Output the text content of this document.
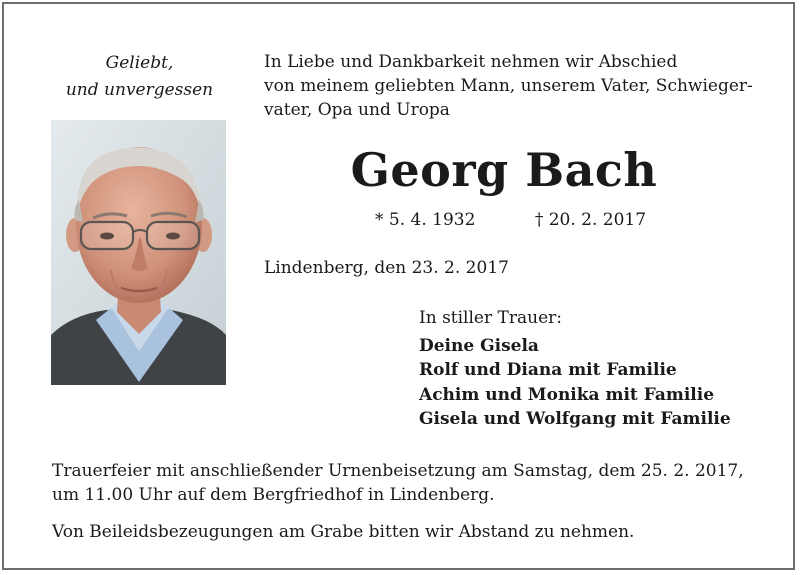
Geliebt,
und unvergessen
In Liebe und Dankbarkeit nehmen wir Abschied
von meinem geliebten Mann, unserem Vater, Schwieger-
vater, Opa und Uropa
Georg Bach
* 5. 4. 1932	† 20. 2. 2017
Lindenberg, den 23. 2. 2017
In stiller Trauer:
Deine Gisela
Rolf und Diana mit Familie
Achim und Monika mit Familie
Gisela und Wolfgang mit Familie
Trauerfeier mit anschließender Urnenbeisetzung am Samstag, dem 25. 2. 2017,
um 11.00 Uhr auf dem Bergfriedhof in Lindenberg.
Von Beileidsbezeugungen am Grabe bitten wir Abstand zu nehmen.
